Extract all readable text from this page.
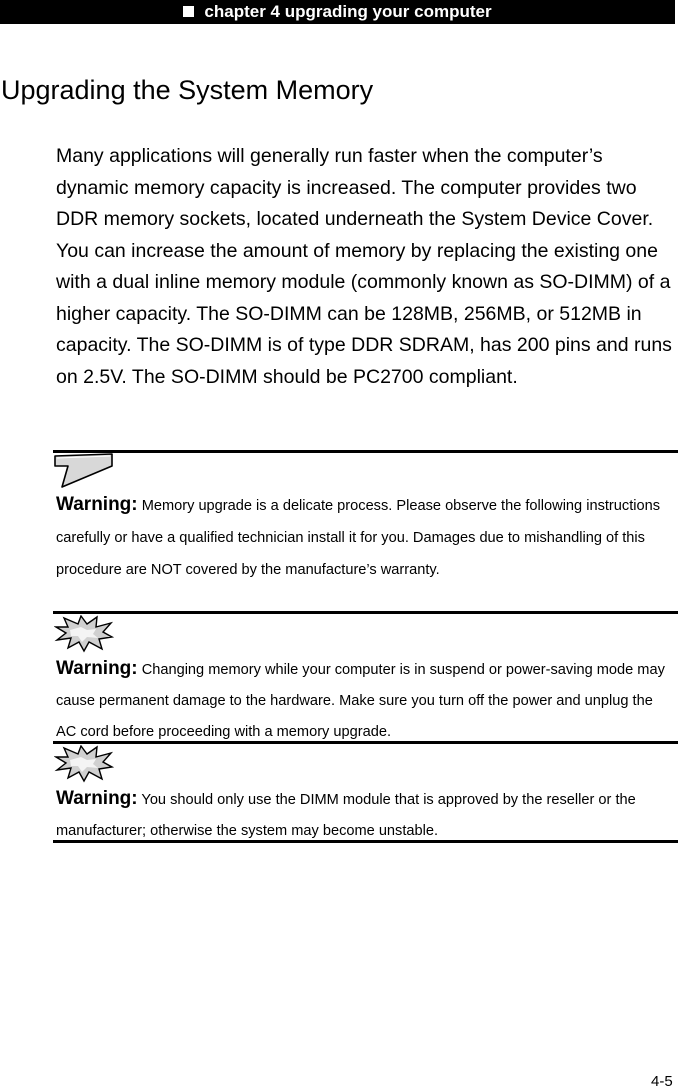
chapter 4 upgrading your computer
Upgrading the System Memory

Many applications will generally run faster when the computer’s dynamic memory capacity is increased. The computer provides two DDR memory sockets, located underneath the System Device Cover. You can increase the amount of memory by replacing the existing one with a dual inline memory module (commonly known as SO-DIMM) of a higher capacity. The SO-DIMM can be 128MB, 256MB, or 512MB in capacity. The SO-DIMM is of type DDR SDRAM, has 200 pins and runs on 2.5V. The SO-DIMM should be PC2700 compliant.

Warning: Memory upgrade is a delicate process. Please observe the following instructions carefully or have a qualified technician install it for you. Damages due to mishandling of this procedure are NOT covered by the manufacture’s warranty.

Warning: Changing memory while your computer is in suspend or power-saving mode may cause permanent damage to the hardware. Make sure you turn off the power and unplug the AC cord before proceeding with a memory upgrade.

Warning: You should only use the DIMM module that is approved by the reseller or the manufacturer; otherwise the system may become unstable.

4-5
